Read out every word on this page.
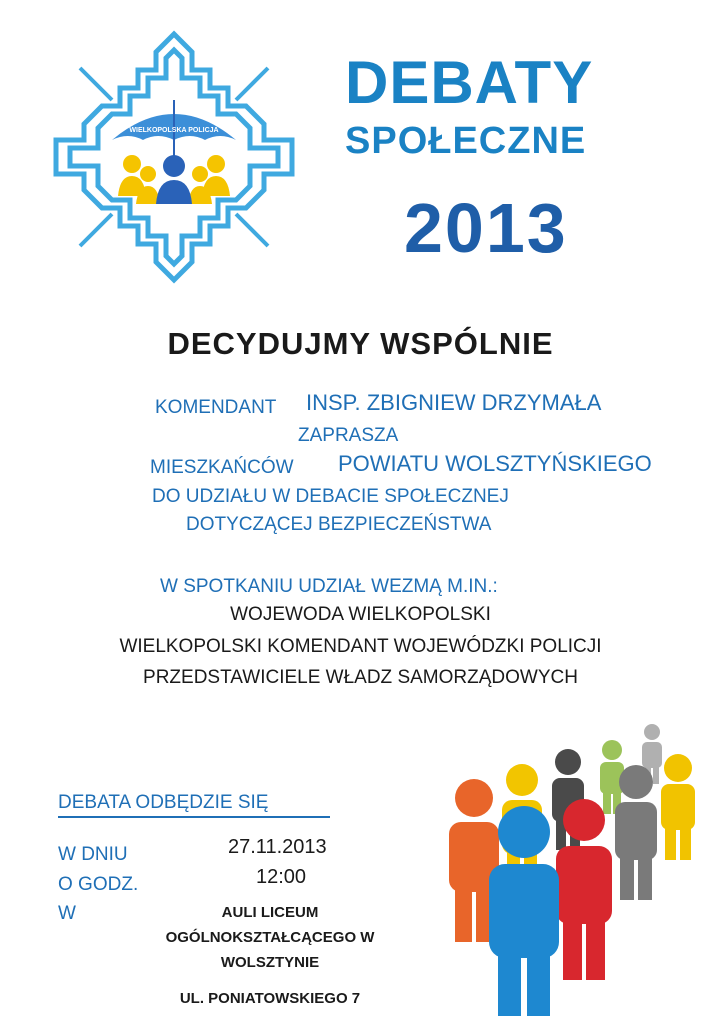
WIELKOPOLSKA POLICJA
DEBATY
SPOŁECZNE
2013
DECYDUJMY WSPÓLNIE
KOMENDANT INSP. ZBIGNIEW DRZYMAŁA
ZAPRASZA
MIESZKAŃCÓW POWIATU WOLSZTYŃSKIEGO
DO UDZIAŁU W DEBACIE SPOŁECZNEJ
DOTYCZĄCEJ BEZPIECZEŃSTWA
W SPOTKANIU UDZIAŁ WEZMĄ M.IN.:
WOJEWODA WIELKOPOLSKI
WIELKOPOLSKI KOMENDANT WOJEWÓDZKI POLICJI
PRZEDSTAWICIELE WŁADZ SAMORZĄDOWYCH
DEBATA ODBĘDZIE SIĘ
W DNIU	27.11.2013
O GODZ.	12:00
W	AULI LICEUM
OGÓLNOKSZTAŁCĄCEGO W
WOLSZTYNIE
UL. PONIATOWSKIEGO 7
